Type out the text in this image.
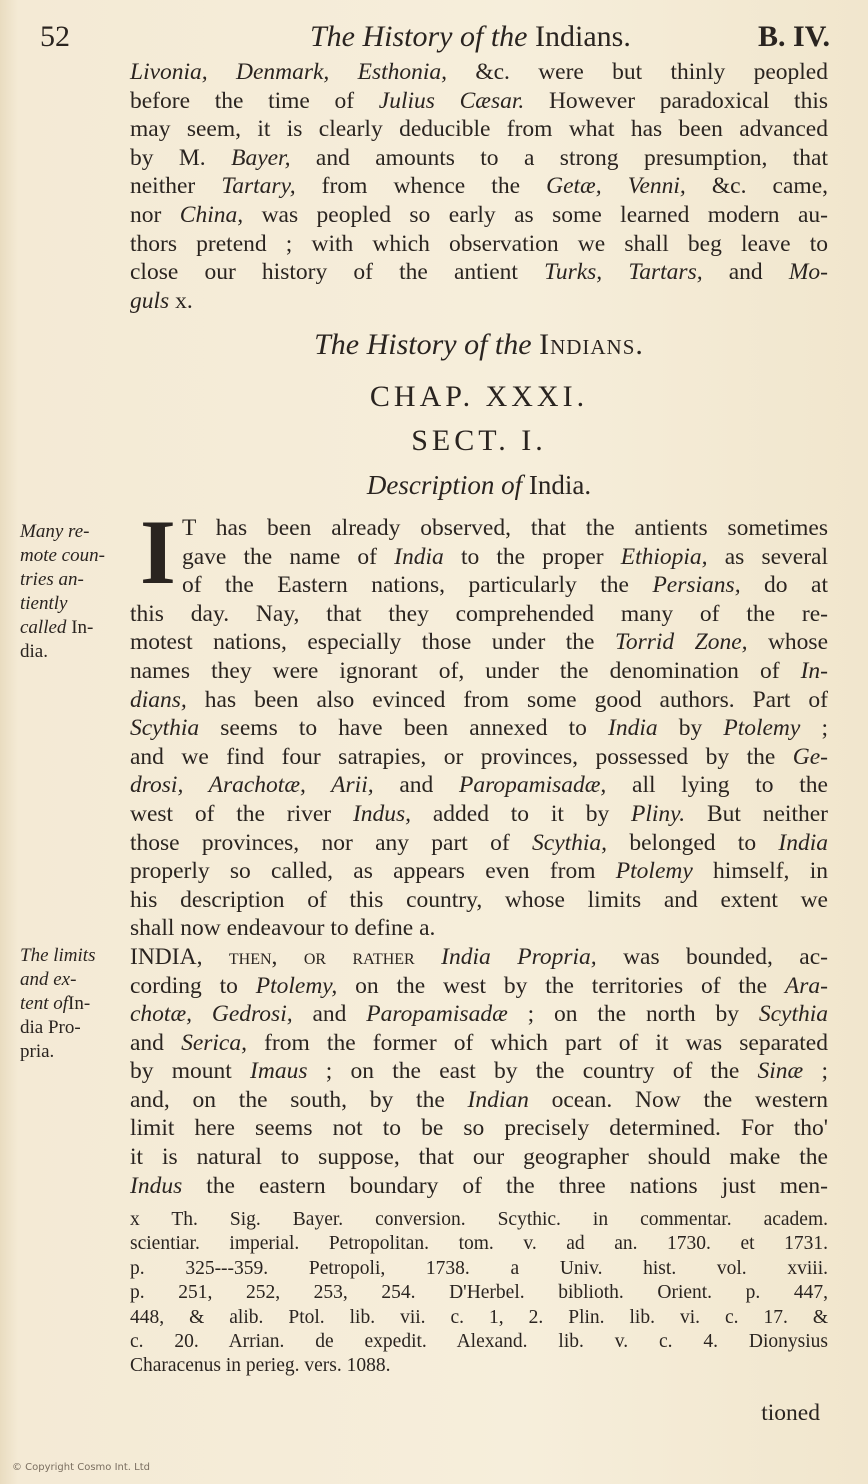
52	The History of the Indians.	B. IV.
Livonia, Denmark, Esthonia, &c. were but thinly peopled
before the time of Julius Cæsar. However paradoxical this
may seem, it is clearly deducible from what has been advanced
by M. Bayer, and amounts to a strong presumption, that
neither Tartary, from whence the Getæ, Venni, &c. came,
nor China, was peopled so early as some learned modern au-
thors pretend ; with which observation we shall beg leave to
close our history of the antient Turks, Tartars, and Mo-
guls x.
The History of the Indians.
CHAP. XXXI.
SECT. I.
Description of India.
I
Many re-
mote coun-
tries an-
tiently
called In-
dia.
The limits
and ex-
tent ofIn-
dia Pro-
pria.
T has been already observed, that the antients sometimes
gave the name of India to the proper Ethiopia, as several
of the Eastern nations, particularly the Persians, do at
this day. Nay, that they comprehended many of the re-
motest nations, especially those under the Torrid Zone, whose
names they were ignorant of, under the denomination of In-
dians, has been also evinced from some good authors. Part of
Scythia seems to have been annexed to India by Ptolemy ;
and we find four satrapies, or provinces, possessed by the Ge-
drosi, Arachotæ, Arii, and Paropamisadæ, all lying to the
west of the river Indus, added to it by Pliny. But neither
those provinces, nor any part of Scythia, belonged to India
properly so called, as appears even from Ptolemy himself, in
his description of this country, whose limits and extent we
shall now endeavour to define a.
INDIA, then, or rather India Propria, was bounded, ac-
cording to Ptolemy, on the west by the territories of the Ara-
chotæ, Gedrosi, and Paropamisadæ ; on the north by Scythia
and Serica, from the former of which part of it was separated
by mount Imaus ; on the east by the country of the Sinæ ;
and, on the south, by the Indian ocean. Now the western
limit here seems not to be so precisely determined. For tho'
it is natural to suppose, that our geographer should make the
Indus the eastern boundary of the three nations just men-
x Th. Sig. Bayer. conversion. Scythic. in commentar. academ.
scientiar. imperial. Petropolitan. tom. v. ad an. 1730. et 1731.
p. 325---359. Petropoli, 1738. a Univ. hist. vol. xviii.
p. 251, 252, 253, 254. D'Herbel. biblioth. Orient. p. 447,
448, & alib. Ptol. lib. vii. c. 1, 2. Plin. lib. vi. c. 17. &
c. 20. Arrian. de expedit. Alexand. lib. v. c. 4. Dionysius
Characenus in perieg. vers. 1088.
tioned
© Copyright Cosmo Int. Ltd
